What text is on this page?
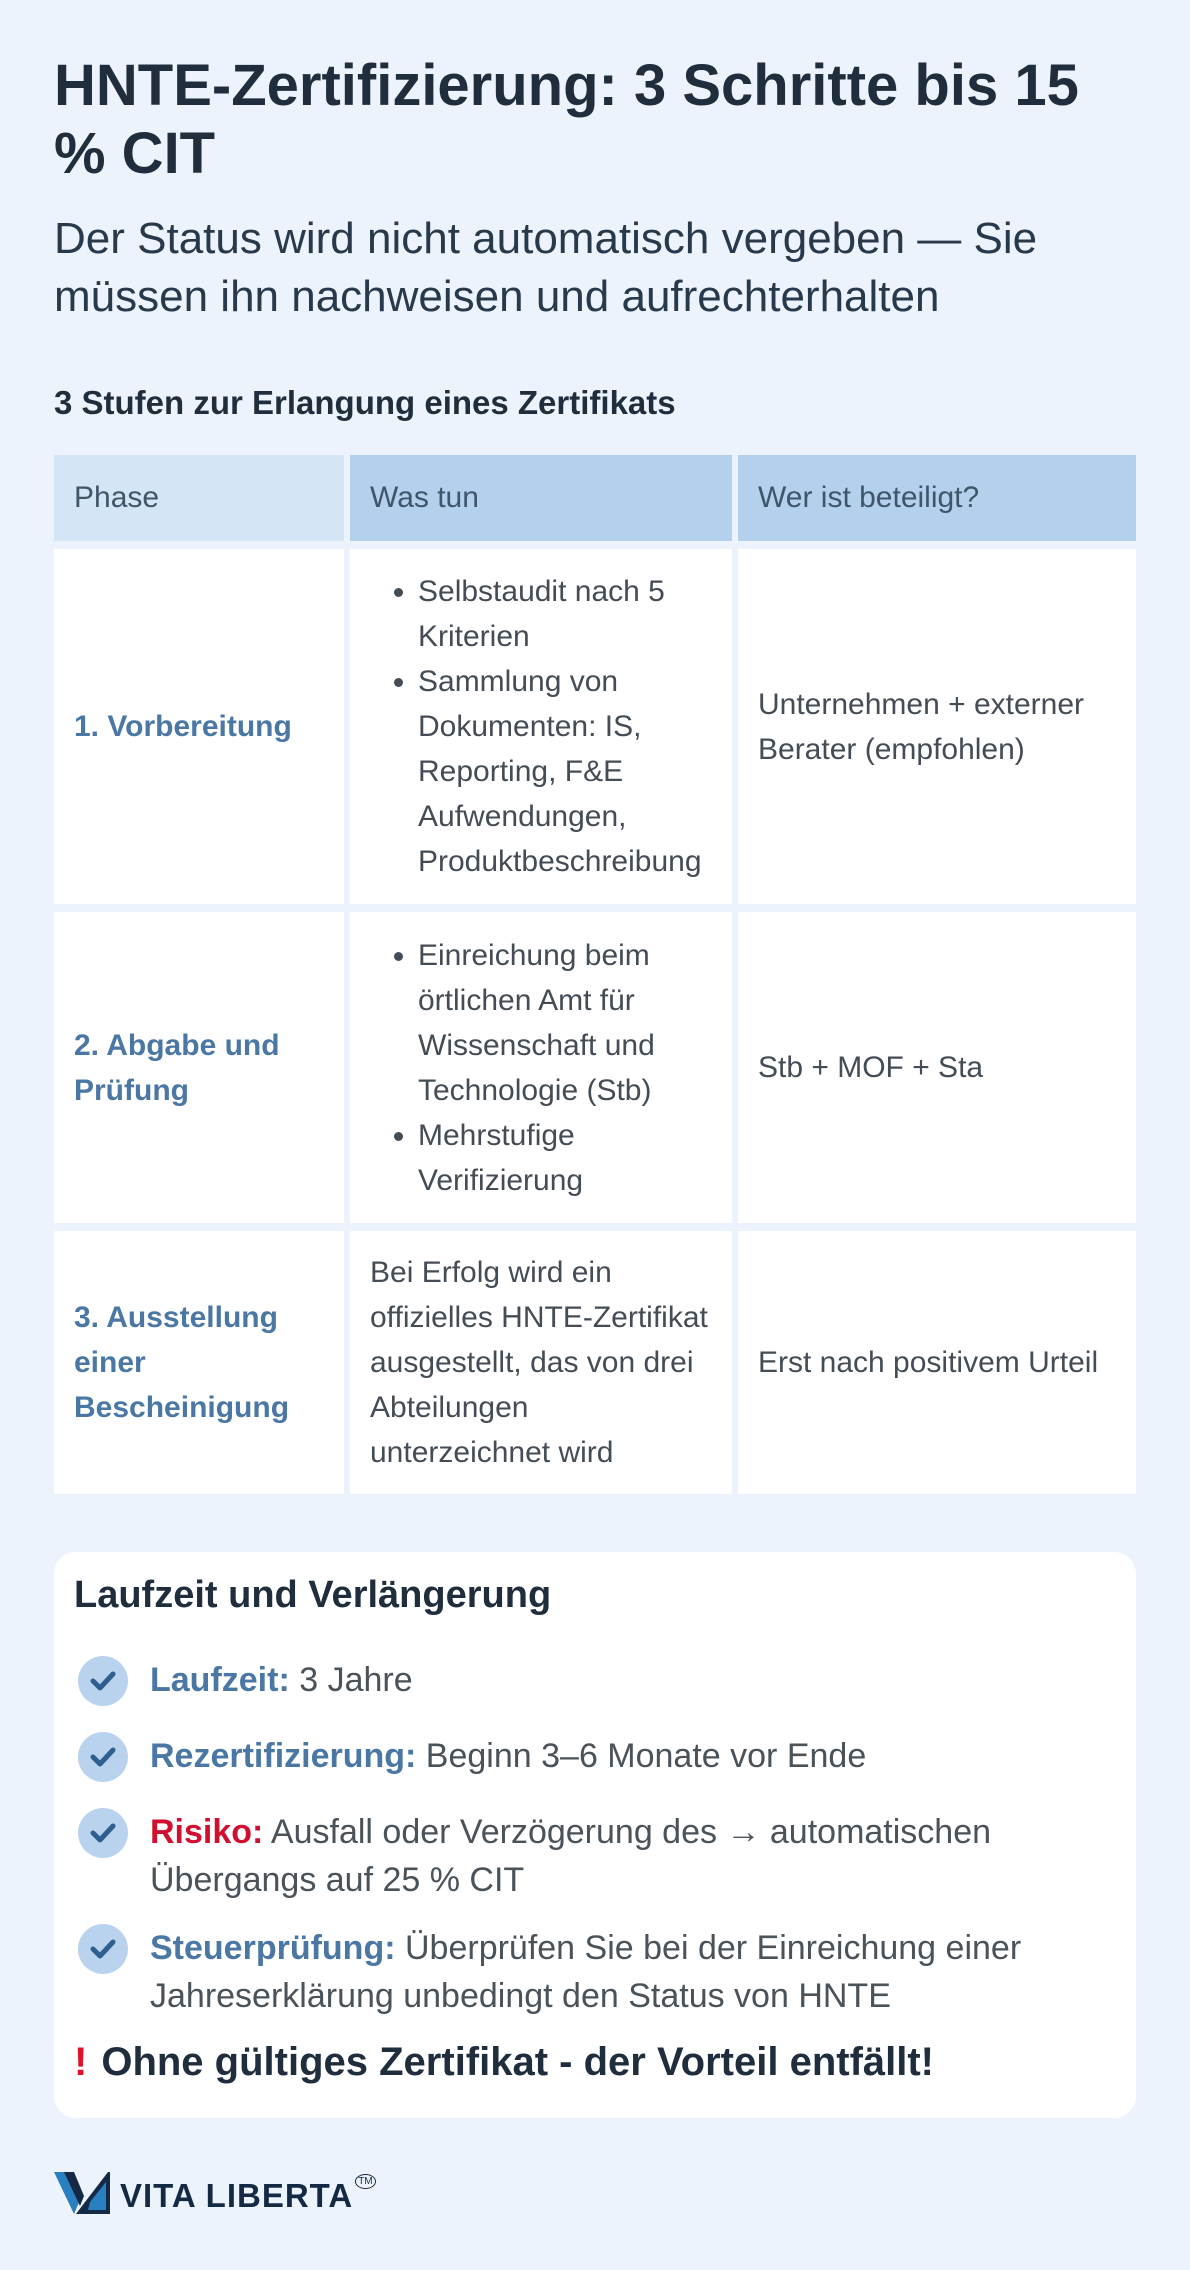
HNTE-Zertifizierung: 3 Schritte bis 15 % CIT

Der Status wird nicht automatisch vergeben — Sie müssen ihn nachweisen und aufrechterhalten

3 Stufen zur Erlangung eines Zertifikats
Phase	Was tun	Wer ist beteiligt?
1. Vorbereitung
• Selbstaudit nach 5 Kriterien
• Sammlung von Dokumenten: IS, Reporting, F&E Aufwendungen, Produktbeschreibung
Unternehmen + externer Berater (empfohlen)
2. Abgabe und Prüfung
• Einreichung beim örtlichen Amt für Wissenschaft und Technologie (Stb)
• Mehrstufige Verifizierung
Stb + MOF + Sta
3. Ausstellung einer Bescheinigung
Bei Erfolg wird ein offizielles HNTE-Zertifikat ausgestellt, das von drei Abteilungen unterzeichnet wird
Erst nach positivem Urteil
Laufzeit und Verlängerung
Laufzeit: 3 Jahre
Rezertifizierung: Beginn 3–6 Monate vor Ende
Risiko: Ausfall oder Verzögerung des → automatischen Übergangs auf 25 % CIT
Steuerprüfung: Überprüfen Sie bei der Einreichung einer Jahreserklärung unbedingt den Status von HNTE
! Ohne gültiges Zertifikat - der Vorteil entfällt!
VITA LIBERTA TM
